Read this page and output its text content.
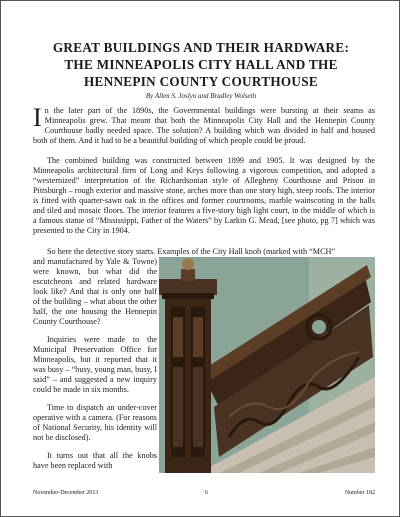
GREAT BUILDINGS AND THEIR HARDWARE:
THE MINNEAPOLIS CITY HALL AND THE
HENNEPIN COUNTY COURTHOUSE
By Allen S. Joslyn and Bradley Wolseth
In the later part of the 1890s, the Governmental buildings were bursting at their seams as Minneapolis grew. That meant that both the Minneapolis City Hall and the Hennepin County Courthouse badly needed space. The solution? A building which was divided in half and housed both of them. And it had to be a beautiful building of which people could be proud.

The combined building was constructed between 1899 and 1905. It was designed by the Minneapolis architectural firm of Long and Keys following a vigorous competition, and adopted a “westernized” interpretation of the Richardsonian style of Allegheny Courthouse and Prison in Pittsburgh – rough exterior and massive stone, arches more than one story high, steep roofs. The interior is fitted with quarter-sawn oak in the offices and former courtrooms, marble wainscoting in the halls and tiled and mosaic floors. The interior features a five-story high light court, in the middle of which is a famous statue of “Mississippi, Father of the Waters” by Larkin G. Mead, [see photo, pg 7] which was presented to the City in 1904.

So here the detective story starts. Examples of the City Hall knob (marked with “MCH”

and manufactured by Yale & Towne) were known, but what did the escutcheons and related hardware look like? And that is only one half of the building – what about the other half, the one housing the Hennepin County Courthouse?

Inquiries were made to the Municipal Preservation Office for Minneapolis, but it reported that it was busy – “busy, young man, busy, I said” – and suggested a new inquiry could be made in six months.

Time to dispatch an under-cover operative with a camera. (For reasons of National Security, his identity will not be disclosed).

It turns out that all the knobs have been replaced with

November-December 2013	6	Number 182
